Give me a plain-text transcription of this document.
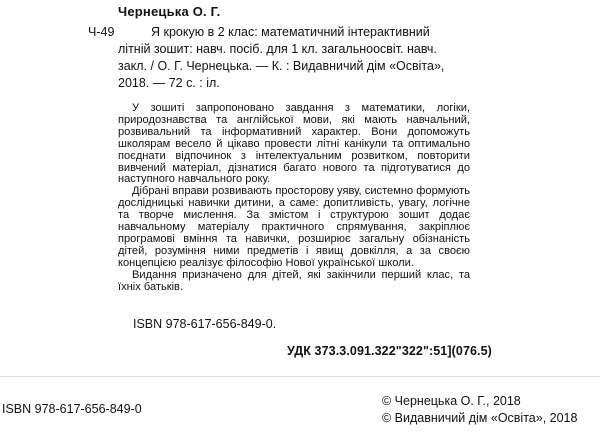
Чернецька О. Г.
Ч-49	Я крокую в 2 клас: математичний інтерактивний
літній зошит: навч. посіб. для 1 кл. загальноосвіт. навч.
закл. / О. Г. Чернецька. — К. : Видавничий дім «Освіта»,
2018. — 72 с. : іл.

У зошиті запропоновано завдання з математики, логіки, природознавства та англійської мови, які мають навчальний, розвивальний та інформативний характер. Вони допоможуть школярам весело й цікаво провести літні канікули та оптимально поєднати відпочинок з інтелектуальним розвитком, повторити вивчений матеріал, дізнатися багато нового та підготуватися до наступного навчального року.

Дібрані вправи розвивають просторову уяву, системно формують дослідницькі навички дитини, а саме: допитливість, увагу, логічне та творче мислення. За змістом і структурою зошит додає навчальному матеріалу практичного спрямування, закріплює програмові вміння та навички, розширює загальну обізнаність дітей, розуміння ними предметів і явищ довкілля, а за своєю концепцією реалізує філософію Нової української школи.

Видання призначено для дітей, які закінчили перший клас, та їхніх батьків.

ISBN 978-617-656-849-0.
УДК 373.3.091.322"322":51](076.5)
ISBN 978-617-656-849-0
© Чернецька О. Г., 2018
© Видавничий дім «Освіта», 2018
